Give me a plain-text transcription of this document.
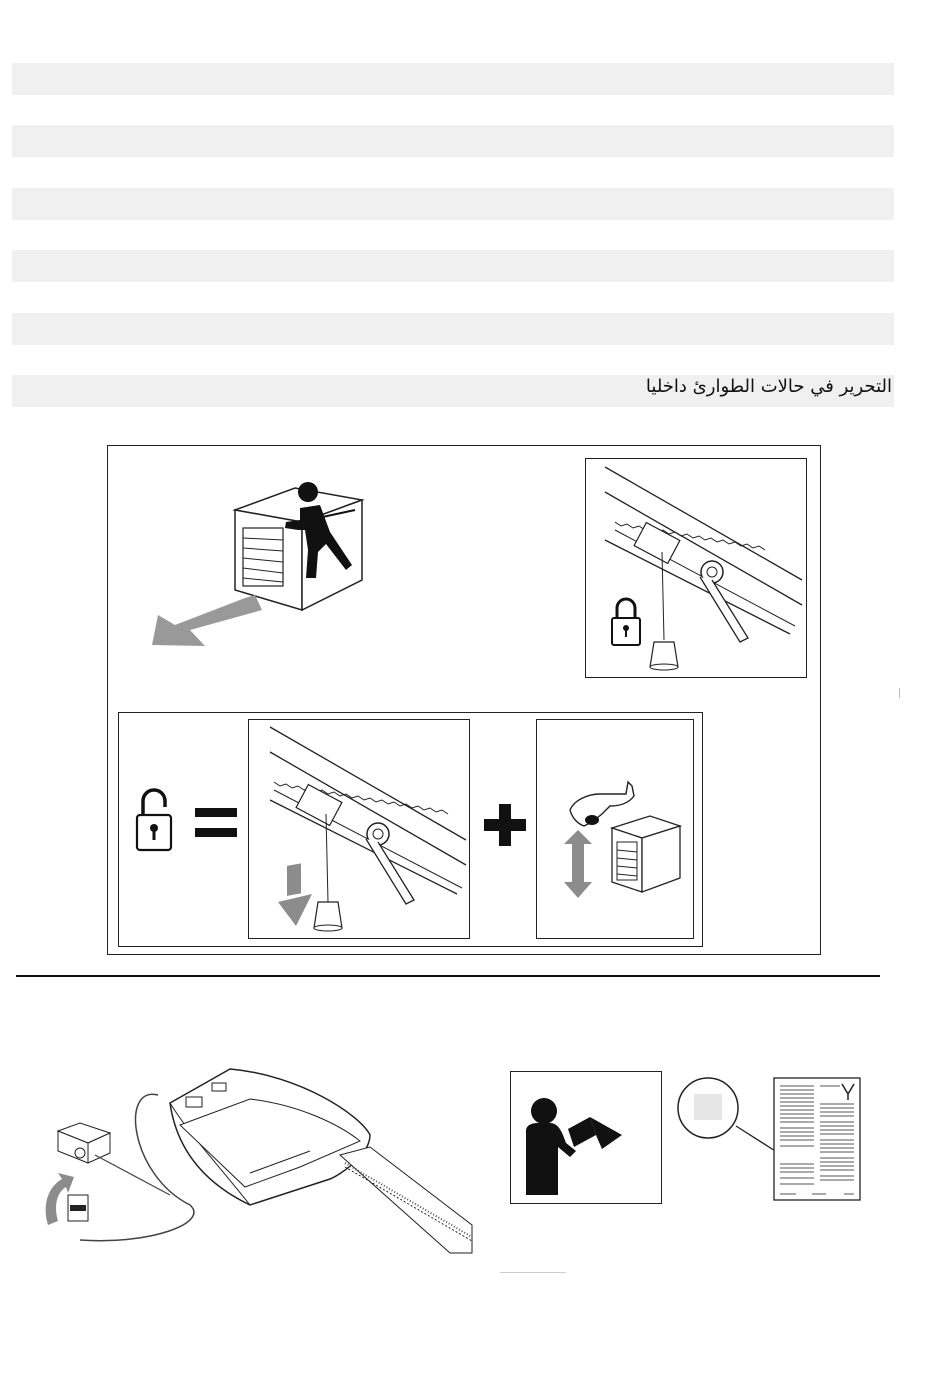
التحرير في حالات الطوارئ داخليا
